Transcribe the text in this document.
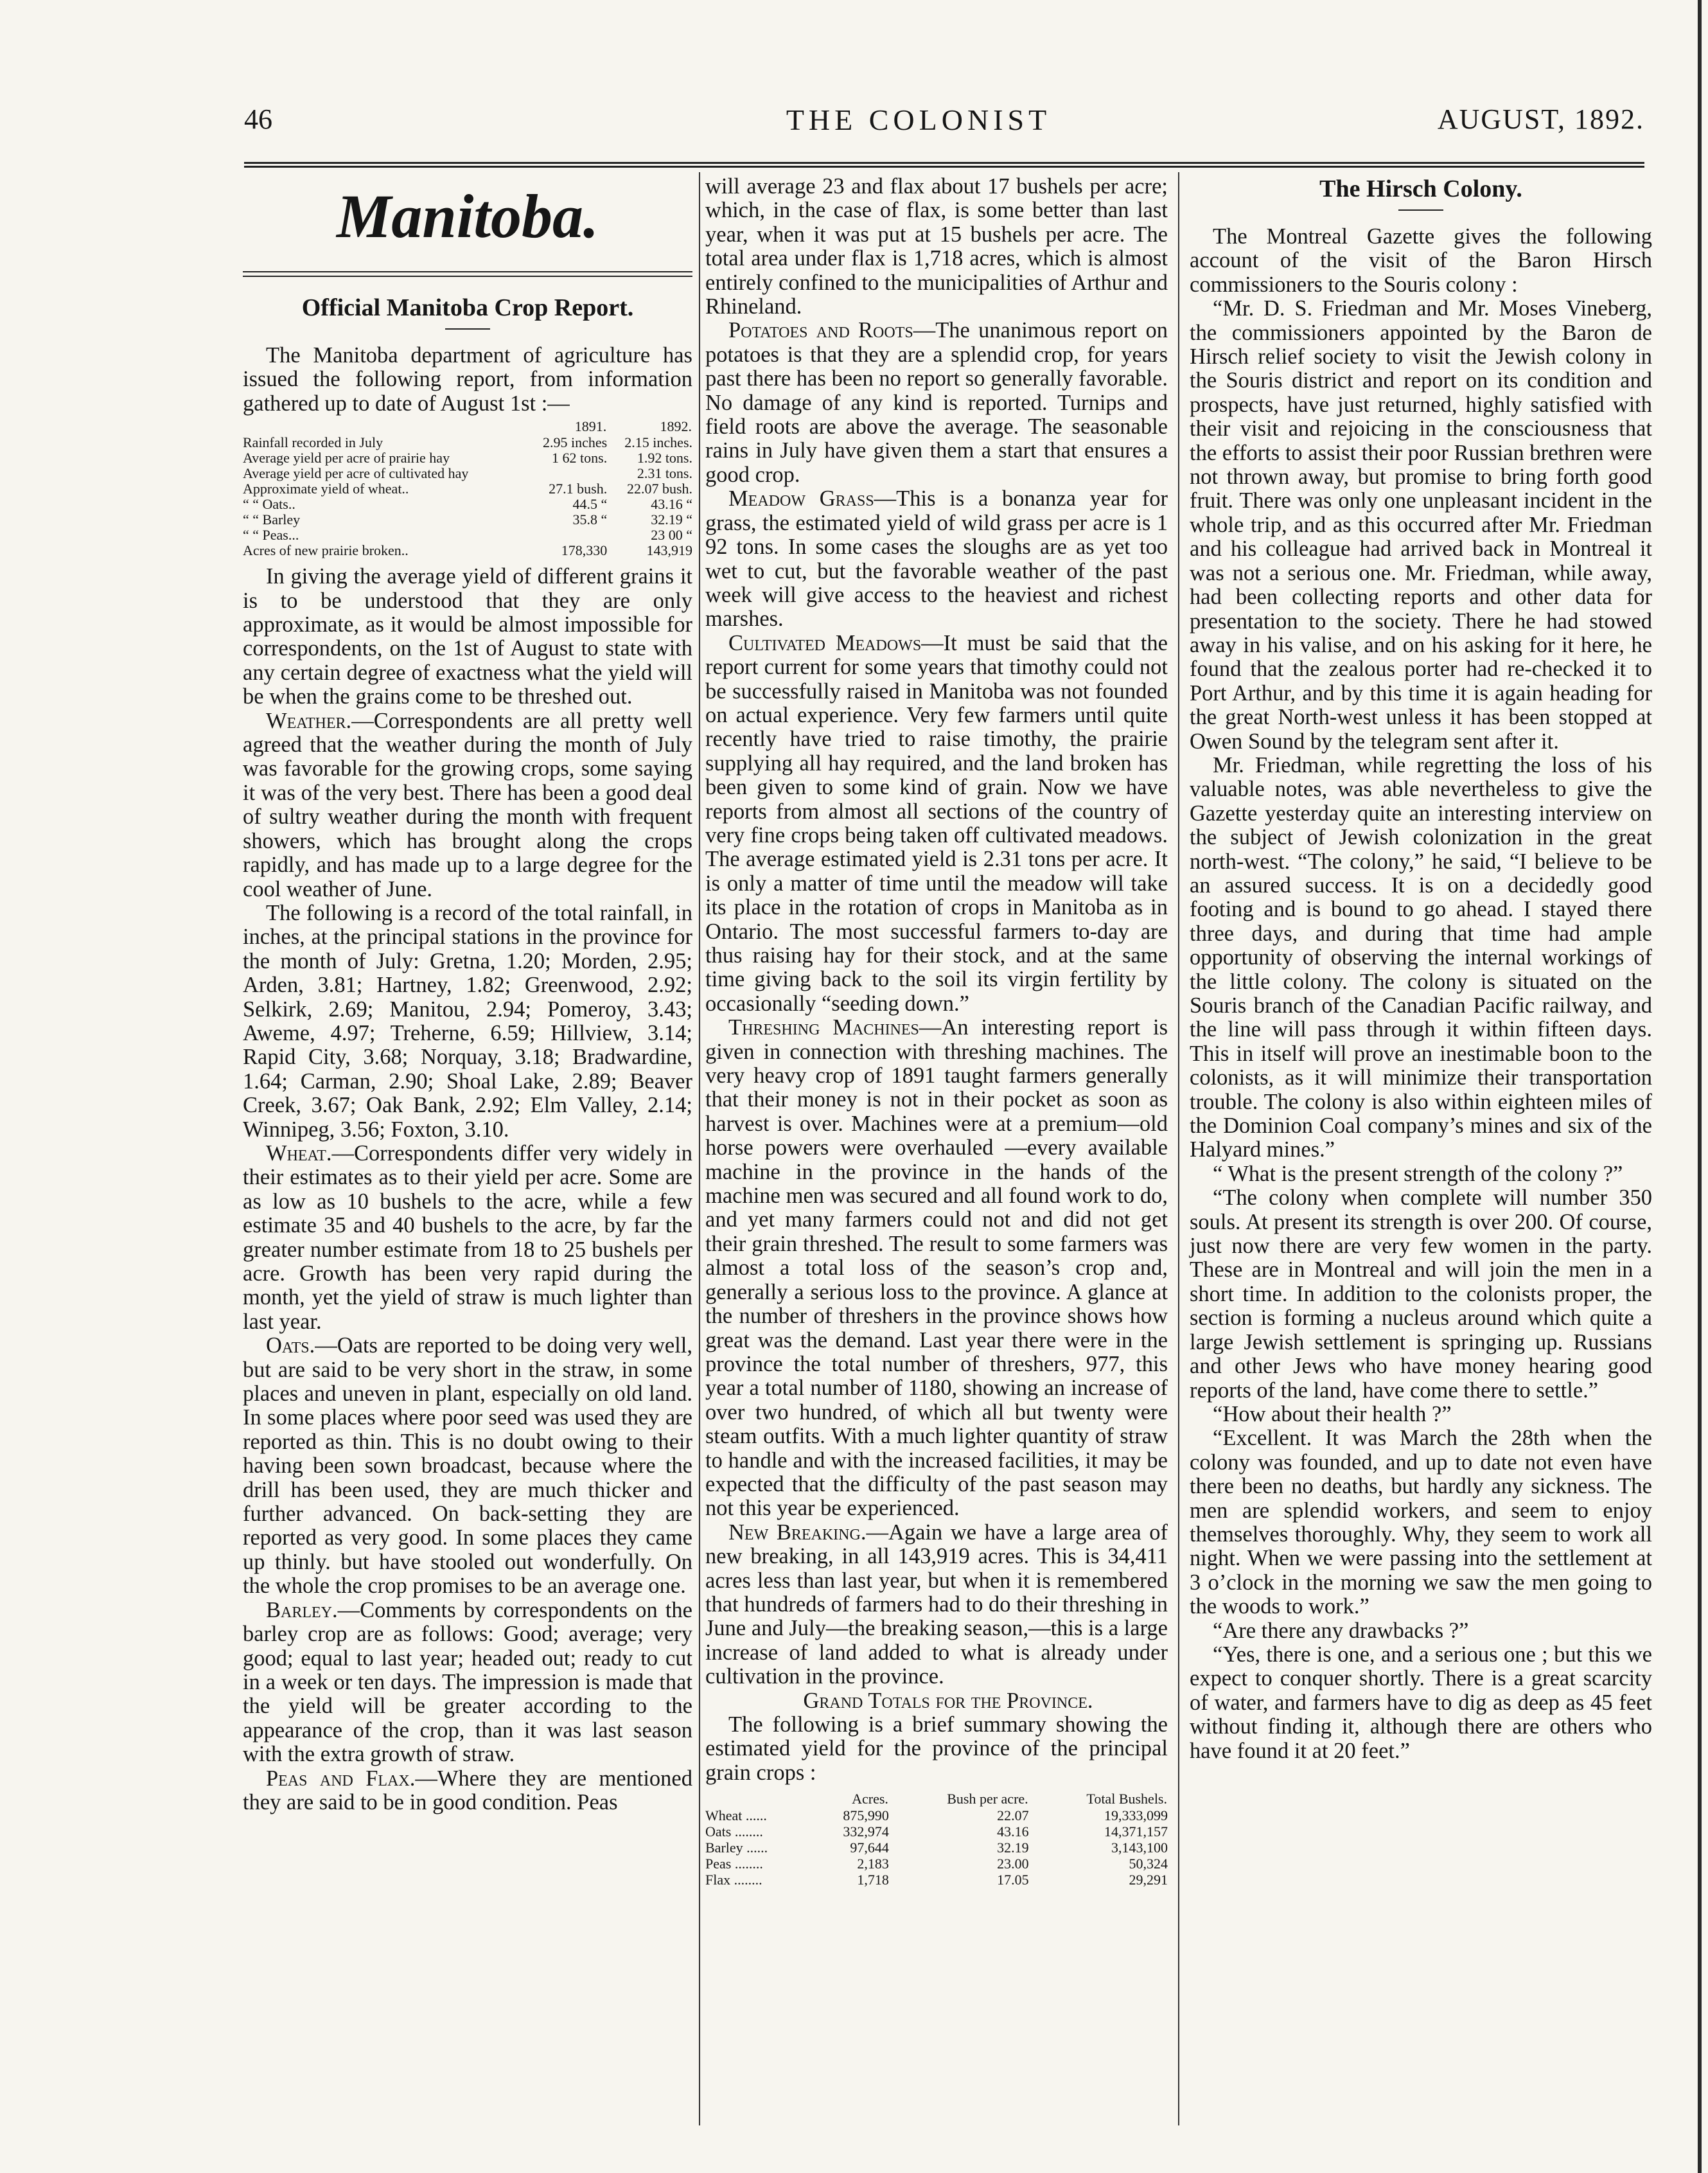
46	THE COLONIST	AUGUST, 1892.
Manitoba.
Official Manitoba Crop Report.

The Manitoba department of agriculture has issued the following report, from information gathered up to date of August 1st :—

	1891.	1892.
Rainfall recorded in July	2.95 inches	2.15 inches.
Average yield per acre of prairie hay	1 62 tons.	1.92 tons.
Average yield per acre of cultivated hay		2.31 tons.
Approximate yield of wheat..	27.1 bush.	22.07 bush.
“ “ Oats..	44.5 “	43.16 “
“ “ Barley	35.8 “	32.19 “
“ “ Peas...		23 00 “
Acres of new prairie broken..	178,330	143,919

In giving the average yield of different grains it is to be understood that they are only approximate, as it would be almost impossible for correspondents, on the 1st of August to state with any certain degree of exactness what the yield will be when the grains come to be threshed out.

Weather.—Correspondents are all pretty well agreed that the weather during the month of July was favorable for the growing crops, some saying it was of the very best. There has been a good deal of sultry weather during the month with frequent showers, which has brought along the crops rapidly, and has made up to a large degree for the cool weather of June.

The following is a record of the total rainfall, in inches, at the principal stations in the province for the month of July: Gretna, 1.20; Morden, 2.95; Arden, 3.81; Hartney, 1.82; Greenwood, 2.92; Selkirk, 2.69; Manitou, 2.94; Pomeroy, 3.43; Aweme, 4.97; Treherne, 6.59; Hillview, 3.14; Rapid City, 3.68; Norquay, 3.18; Bradwardine, 1.64; Carman, 2.90; Shoal Lake, 2.89; Beaver Creek, 3.67; Oak Bank, 2.92; Elm Valley, 2.14; Winnipeg, 3.56; Foxton, 3.10.

Wheat.—Correspondents differ very widely in their estimates as to their yield per acre. Some are as low as 10 bushels to the acre, while a few estimate 35 and 40 bushels to the acre, by far the greater number estimate from 18 to 25 bushels per acre. Growth has been very rapid during the month, yet the yield of straw is much lighter than last year.

Oats.—Oats are reported to be doing very well, but are said to be very short in the straw, in some places and uneven in plant, especially on old land. In some places where poor seed was used they are reported as thin. This is no doubt owing to their having been sown broadcast, because where the drill has been used, they are much thicker and further advanced. On back-setting they are reported as very good. In some places they came up thinly. but have stooled out wonderfully. On the whole the crop promises to be an average one.

Barley.—Comments by correspondents on the barley crop are as follows: Good; average; very good; equal to last year; headed out; ready to cut in a week or ten days. The impression is made that the yield will be greater according to the appearance of the crop, than it was last season with the extra growth of straw.

Peas and Flax.—Where they are mentioned they are said to be in good condition. Peas

will average 23 and flax about 17 bushels per acre; which, in the case of flax, is some better than last year, when it was put at 15 bushels per acre. The total area under flax is 1,718 acres, which is almost entirely confined to the municipalities of Arthur and Rhineland.

Potatoes and Roots—The unanimous report on potatoes is that they are a splendid crop, for years past there has been no report so generally favorable. No damage of any kind is reported. Turnips and field roots are above the average. The seasonable rains in July have given them a start that ensures a good crop.

Meadow Grass—This is a bonanza year for grass, the estimated yield of wild grass per acre is 1 92 tons. In some cases the sloughs are as yet too wet to cut, but the favorable weather of the past week will give access to the heaviest and richest marshes.

Cultivated Meadows—It must be said that the report current for some years that timothy could not be successfully raised in Manitoba was not founded on actual experience. Very few farmers until quite recently have tried to raise timothy, the prairie supplying all hay required, and the land broken has been given to some kind of grain. Now we have reports from almost all sections of the country of very fine crops being taken off cultivated meadows. The average estimated yield is 2.31 tons per acre. It is only a matter of time until the meadow will take its place in the rotation of crops in Manitoba as in Ontario. The most successful farmers to-day are thus raising hay for their stock, and at the same time giving back to the soil its virgin fertility by occasionally “seeding down.”

Threshing Machines—An interesting report is given in connection with threshing machines. The very heavy crop of 1891 taught farmers generally that their money is not in their pocket as soon as harvest is over. Machines were at a premium—old horse powers were overhauled —every available machine in the province in the hands of the machine men was secured and all found work to do, and yet many farmers could not and did not get their grain threshed. The result to some farmers was almost a total loss of the season’s crop and, generally a serious loss to the province. A glance at the number of threshers in the province shows how great was the demand. Last year there were in the province the total number of threshers, 977, this year a total number of 1180, showing an increase of over two hundred, of which all but twenty were steam outfits. With a much lighter quantity of straw to handle and with the increased facilities, it may be expected that the difficulty of the past season may not this year be experienced.

New Breaking.—Again we have a large area of new breaking, in all 143,919 acres. This is 34,411 acres less than last year, but when it is remembered that hundreds of farmers had to do their threshing in June and July—the breaking season,—this is a large increase of land added to what is already under cultivation in the province.

Grand Totals for the Province.

The following is a brief summary showing the estimated yield for the province of the principal grain crops :

	Acres.	Bush per acre.	Total Bushels.
Wheat ......	875,990	22.07	19,333,099
Oats ........	332,974	43.16	14,371,157
Barley ......	97,644	32.19	3,143,100
Peas ........	2,183	23.00	50,324
Flax ........	1,718	17.05	29,291
The Hirsch Colony.

The Montreal Gazette gives the following account of the visit of the Baron Hirsch commissioners to the Souris colony :

“Mr. D. S. Friedman and Mr. Moses Vineberg, the commissioners appointed by the Baron de Hirsch relief society to visit the Jewish colony in the Souris district and report on its condition and prospects, have just returned, highly satisfied with their visit and rejoicing in the consciousness that the efforts to assist their poor Russian brethren were not thrown away, but promise to bring forth good fruit. There was only one unpleasant incident in the whole trip, and as this occurred after Mr. Friedman and his colleague had arrived back in Montreal it was not a serious one. Mr. Friedman, while away, had been collecting reports and other data for presentation to the society. There he had stowed away in his valise, and on his asking for it here, he found that the zealous porter had re-checked it to Port Arthur, and by this time it is again heading for the great North-west unless it has been stopped at Owen Sound by the telegram sent after it.

Mr. Friedman, while regretting the loss of his valuable notes, was able nevertheless to give the Gazette yesterday quite an interesting interview on the subject of Jewish colonization in the great north-west. “The colony,” he said, “I believe to be an assured success. It is on a decidedly good footing and is bound to go ahead. I stayed there three days, and during that time had ample opportunity of observing the internal workings of the little colony. The colony is situated on the Souris branch of the Canadian Pacific railway, and the line will pass through it within fifteen days. This in itself will prove an inestimable boon to the colonists, as it will minimize their transportation trouble. The colony is also within eighteen miles of the Dominion Coal company’s mines and six of the Halyard mines.”

“ What is the present strength of the colony ?”

“The colony when complete will number 350 souls. At present its strength is over 200. Of course, just now there are very few women in the party. These are in Montreal and will join the men in a short time. In addition to the colonists proper, the section is forming a nucleus around which quite a large Jewish settlement is springing up. Russians and other Jews who have money hearing good reports of the land, have come there to settle.”

“How about their health ?”

“Excellent. It was March the 28th when the colony was founded, and up to date not even have there been no deaths, but hardly any sickness. The men are splendid workers, and seem to enjoy themselves thoroughly. Why, they seem to work all night. When we were passing into the settlement at 3 o’clock in the morning we saw the men going to the woods to work.”

“Are there any drawbacks ?”

“Yes, there is one, and a serious one ; but this we expect to conquer shortly. There is a great scarcity of water, and farmers have to dig as deep as 45 feet without finding it, although there are others who have found it at 20 feet.”
